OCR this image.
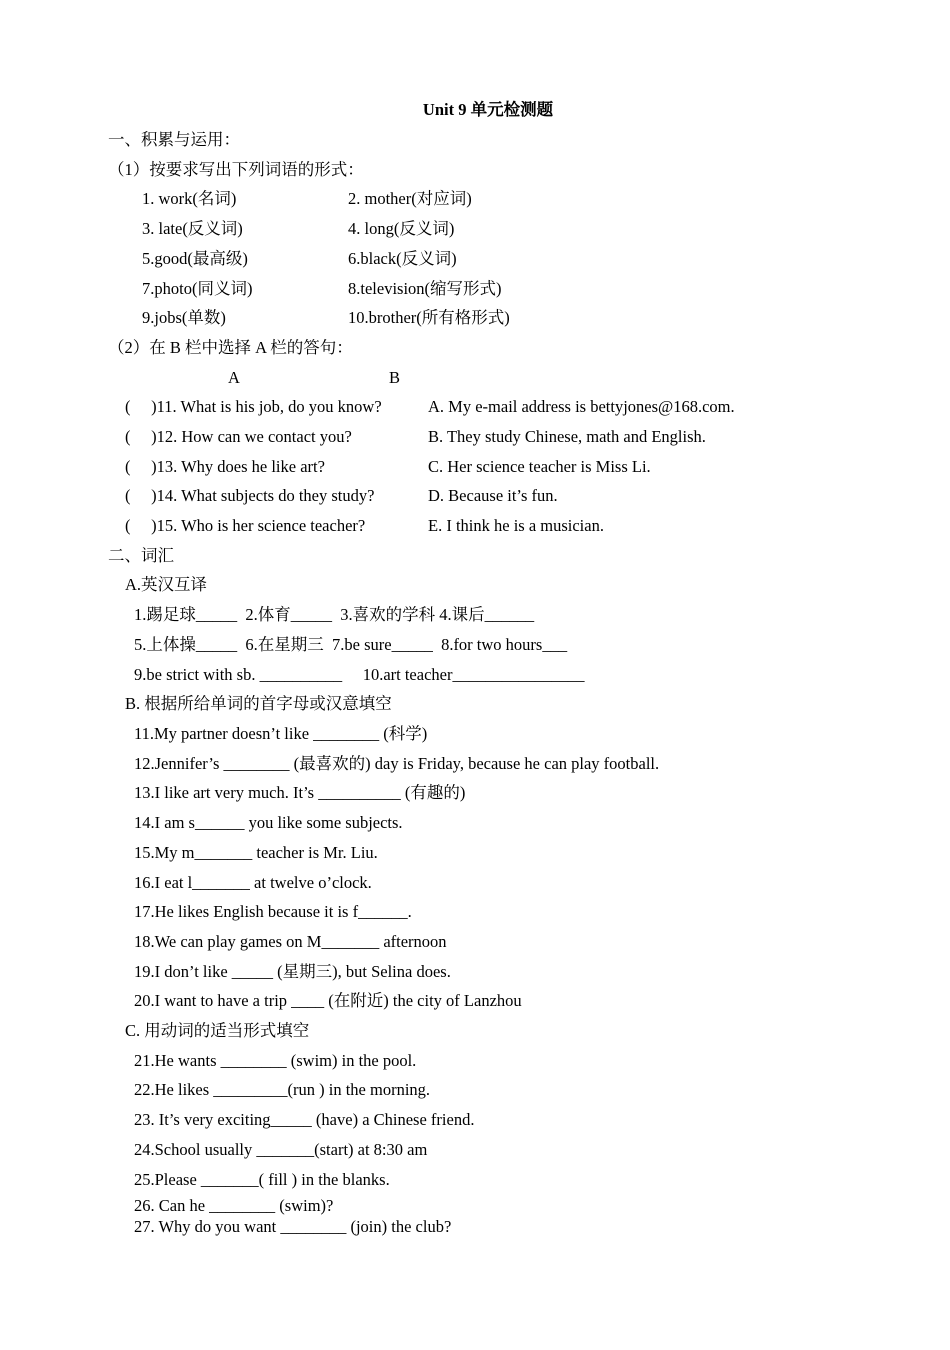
Unit 9 单元检测题
一、积累与运用：
（1）按要求写出下列词语的形式：
1. work(名词)	2. mother(对应词)
3. late(反义词)	4. long(反义词)
5.good(最高级)	6.black(反义词)
7.photo(同义词)	8.television(缩写形式)
9.jobs(单数)	10.brother(所有格形式)
（2）在 B 栏中选择 A 栏的答句：
A	B
(     )11. What is his job, do you know?	A. My e-mail address is bettyjones@168.com.
(     )12. How can we contact you?	B. They study Chinese, math and English.
(     )13. Why does he like art?	C. Her science teacher is Miss Li.
(     )14. What subjects do they study?	D. Because it’s fun.
(     )15. Who is her science teacher?	E. I think he is a musician.
二、词汇
A.英汉互译
1.踢足球_____  2.体育_____  3.喜欢的学科 4.课后______
5.上体操_____  6.在星期三  7.be sure_____  8.for two hours___
9.be strict with sb. __________     10.art teacher________________
B. 根据所给单词的首字母或汉意填空
11.My partner doesn’t like ________ (科学)
12.Jennifer’s ________ (最喜欢的) day is Friday, because he can play football.
13.I like art very much. It’s __________ (有趣的)
14.I am s______ you like some subjects.
15.My m_______ teacher is Mr. Liu.
16.I eat l_______ at twelve o’clock.
17.He likes English because it is f______.
18.We can play games on M_______ afternoon
19.I don’t like _____ (星期三), but Selina does.
20.I want to have a trip ____ (在附近) the city of Lanzhou
C. 用动词的适当形式填空
21.He wants ________ (swim) in the pool.
22.He likes _________(run ) in the morning.
23. It’s very exciting_____ (have) a Chinese friend.
24.School usually _______(start) at 8:30 am
25.Please _______( fill ) in the blanks.
26. Can he ________ (swim)?
27. Why do you want ________ (join) the club?
